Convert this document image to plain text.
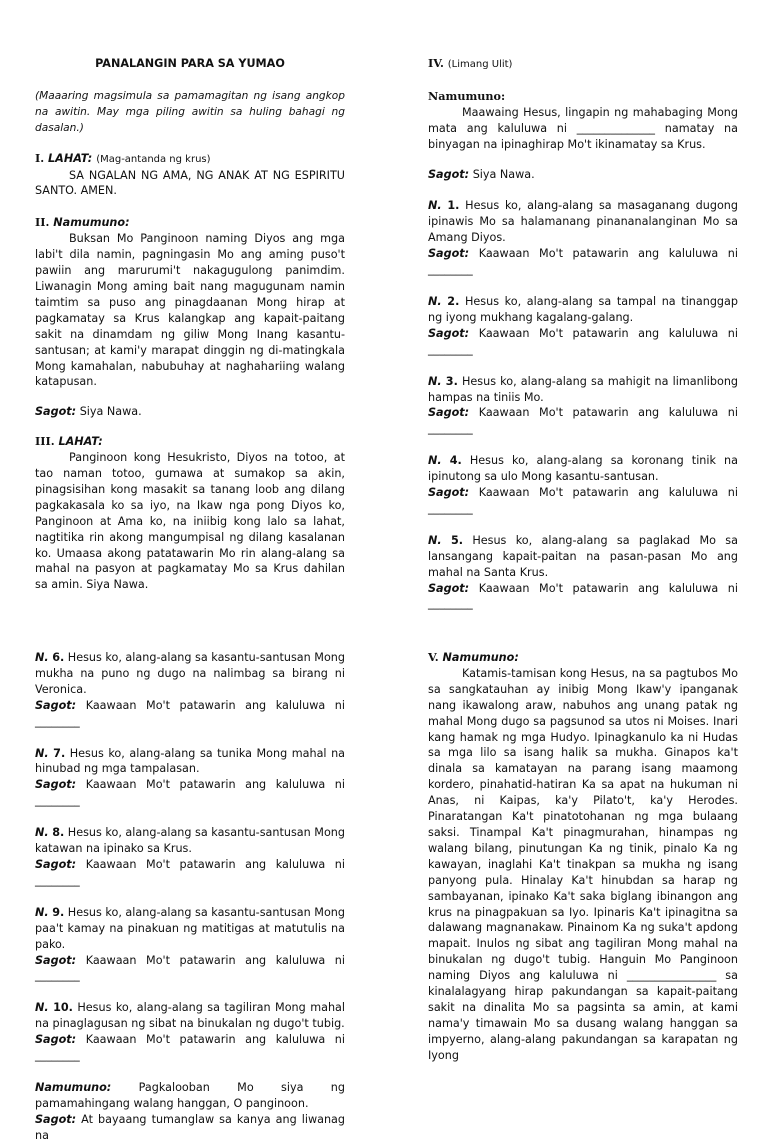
PANALANGIN PARA SA YUMAO

(Maaaring magsimula sa pamamagitan ng isang angkop na awitin. May mga piling awitin sa huling bahagi ng dasalan.)

I. LAHAT: (Mag-antanda ng krus)

SA NGALAN NG AMA, NG ANAK AT NG ESPIRITU SANTO. AMEN.

II. Namumuno:

Buksan Mo Panginoon naming Diyos ang mga labi't dila namin, pagningasin Mo ang aming puso't pawiin ang marurumi't nakagugulong panimdim. Liwanagin Mong aming bait nang magugunam namin taimtim sa puso ang pinagdaanan Mong hirap at pagkamatay sa Krus kalangkap ang kapait-paitang sakit na dinamdam ng giliw Mong Inang kasantu-santusan; at kami'y marapat dinggin ng di-matingkala Mong kamahalan, nabubuhay at naghahariing walang katapusan.

Sagot: Siya Nawa.

III. LAHAT:

Panginoon kong Hesukristo, Diyos na totoo, at tao naman totoo, gumawa at sumakop sa akin, pinagsisihan kong masakit sa tanang loob ang dilang pagkakasala ko sa iyo, na Ikaw nga pong Diyos ko, Panginoon at Ama ko, na iniibig kong lalo sa lahat, nagtitika rin akong mangumpisal ng dilang kasalanan ko. Umaasa akong patatawarin Mo rin alang-alang sa mahal na pasyon at pagkamatay Mo sa Krus dahilan sa amin. Siya Nawa.

IV. (Limang Ulit)
Namumuno:

Maawaing Hesus, lingapin ng mahabaging Mong mata ang kaluluwa ni ______________ namatay na binyagan na ipinaghirap Mo't ikinamatay sa Krus.

Sagot: Siya Nawa.

N. 1. Hesus ko, alang-alang sa masaganang dugong ipinawis Mo sa halamanang pinananalanginan Mo sa Amang Diyos.

Sagot: Kaawaan Mo't patawarin ang kaluluwa ni ________

N. 2. Hesus ko, alang-alang sa tampal na tinanggap ng iyong mukhang kagalang-galang.

Sagot: Kaawaan Mo't patawarin ang kaluluwa ni ________

N. 3. Hesus ko, alang-alang sa mahigit na limanlibong hampas na tiniis Mo.

Sagot: Kaawaan Mo't patawarin ang kaluluwa ni ________

N. 4. Hesus ko, alang-alang sa koronang tinik na ipinutong sa ulo Mong kasantu-santusan.

Sagot: Kaawaan Mo't patawarin ang kaluluwa ni ________

N. 5. Hesus ko, alang-alang sa paglakad Mo sa lansangang kapait-paitan na pasan-pasan Mo ang mahal na Santa Krus.

Sagot: Kaawaan Mo't patawarin ang kaluluwa ni ________

N. 6. Hesus ko, alang-alang sa kasantu-santusan Mong mukha na puno ng dugo na nalimbag sa birang ni Veronica.

Sagot: Kaawaan Mo't patawarin ang kaluluwa ni ________

N. 7. Hesus ko, alang-alang sa tunika Mong mahal na hinubad ng mga tampalasan.

Sagot: Kaawaan Mo't patawarin ang kaluluwa ni ________

N. 8. Hesus ko, alang-alang sa kasantu-santusan Mong katawan na ipinako sa Krus.

Sagot: Kaawaan Mo't patawarin ang kaluluwa ni ________

N. 9. Hesus ko, alang-alang sa kasantu-santusan Mong paa't kamay na pinakuan ng matitigas at matutulis na pako.

Sagot: Kaawaan Mo't patawarin ang kaluluwa ni ________

N. 10. Hesus ko, alang-alang sa tagiliran Mong mahal na pinaglagusan ng sibat na binukalan ng dugo't tubig.

Sagot: Kaawaan Mo't patawarin ang kaluluwa ni ________

Namumuno: Pagkalooban Mo siya ng pamamahingang walang hanggan, O panginoon.

Sagot: At bayaang tumanglaw sa kanya ang liwanag na

V. Namumuno:

Katamis-tamisan kong Hesus, na sa pagtubos Mo sa sangkatauhan ay inibig Mong Ikaw'y ipanganak nang ikawalong araw, nabuhos ang unang patak ng mahal Mong dugo sa pagsunod sa utos ni Moises. Inari kang hamak ng mga Hudyo. Ipinagkanulo ka ni Hudas sa mga lilo sa isang halik sa mukha. Ginapos ka't dinala sa kamatayan na parang isang maamong kordero, pinahatid-hatiran Ka sa apat na hukuman ni Anas, ni Kaipas, ka'y Pilato't, ka'y Herodes. Pinaratangan Ka't pinatotohanan ng mga bulaang saksi. Tinampal Ka't pinagmurahan, hinampas ng walang bilang, pinutungan Ka ng tinik, pinalo Ka ng kawayan, inaglahi Ka't tinakpan sa mukha ng isang panyong pula. Hinalay Ka't hinubdan sa harap ng sambayanan, ipinako Ka't saka biglang ibinangon ang krus na pinagpakuan sa Iyo. Ipinaris Ka't ipinagitna sa dalawang magnanakaw. Pinainom Ka ng suka't apdong mapait. Inulos ng sibat ang tagiliran Mong mahal na binukalan ng dugo't tubig. Hanguin Mo Panginoon naming Diyos ang kaluluwa ni ________________ sa kinalalagyang hirap pakundangan sa kapait-paitang sakit na dinalita Mo sa pagsinta sa amin, at kami nama'y timawain Mo sa dusang walang hanggan sa impyerno, alang-alang pakundangan sa karapatan ng Iyong
